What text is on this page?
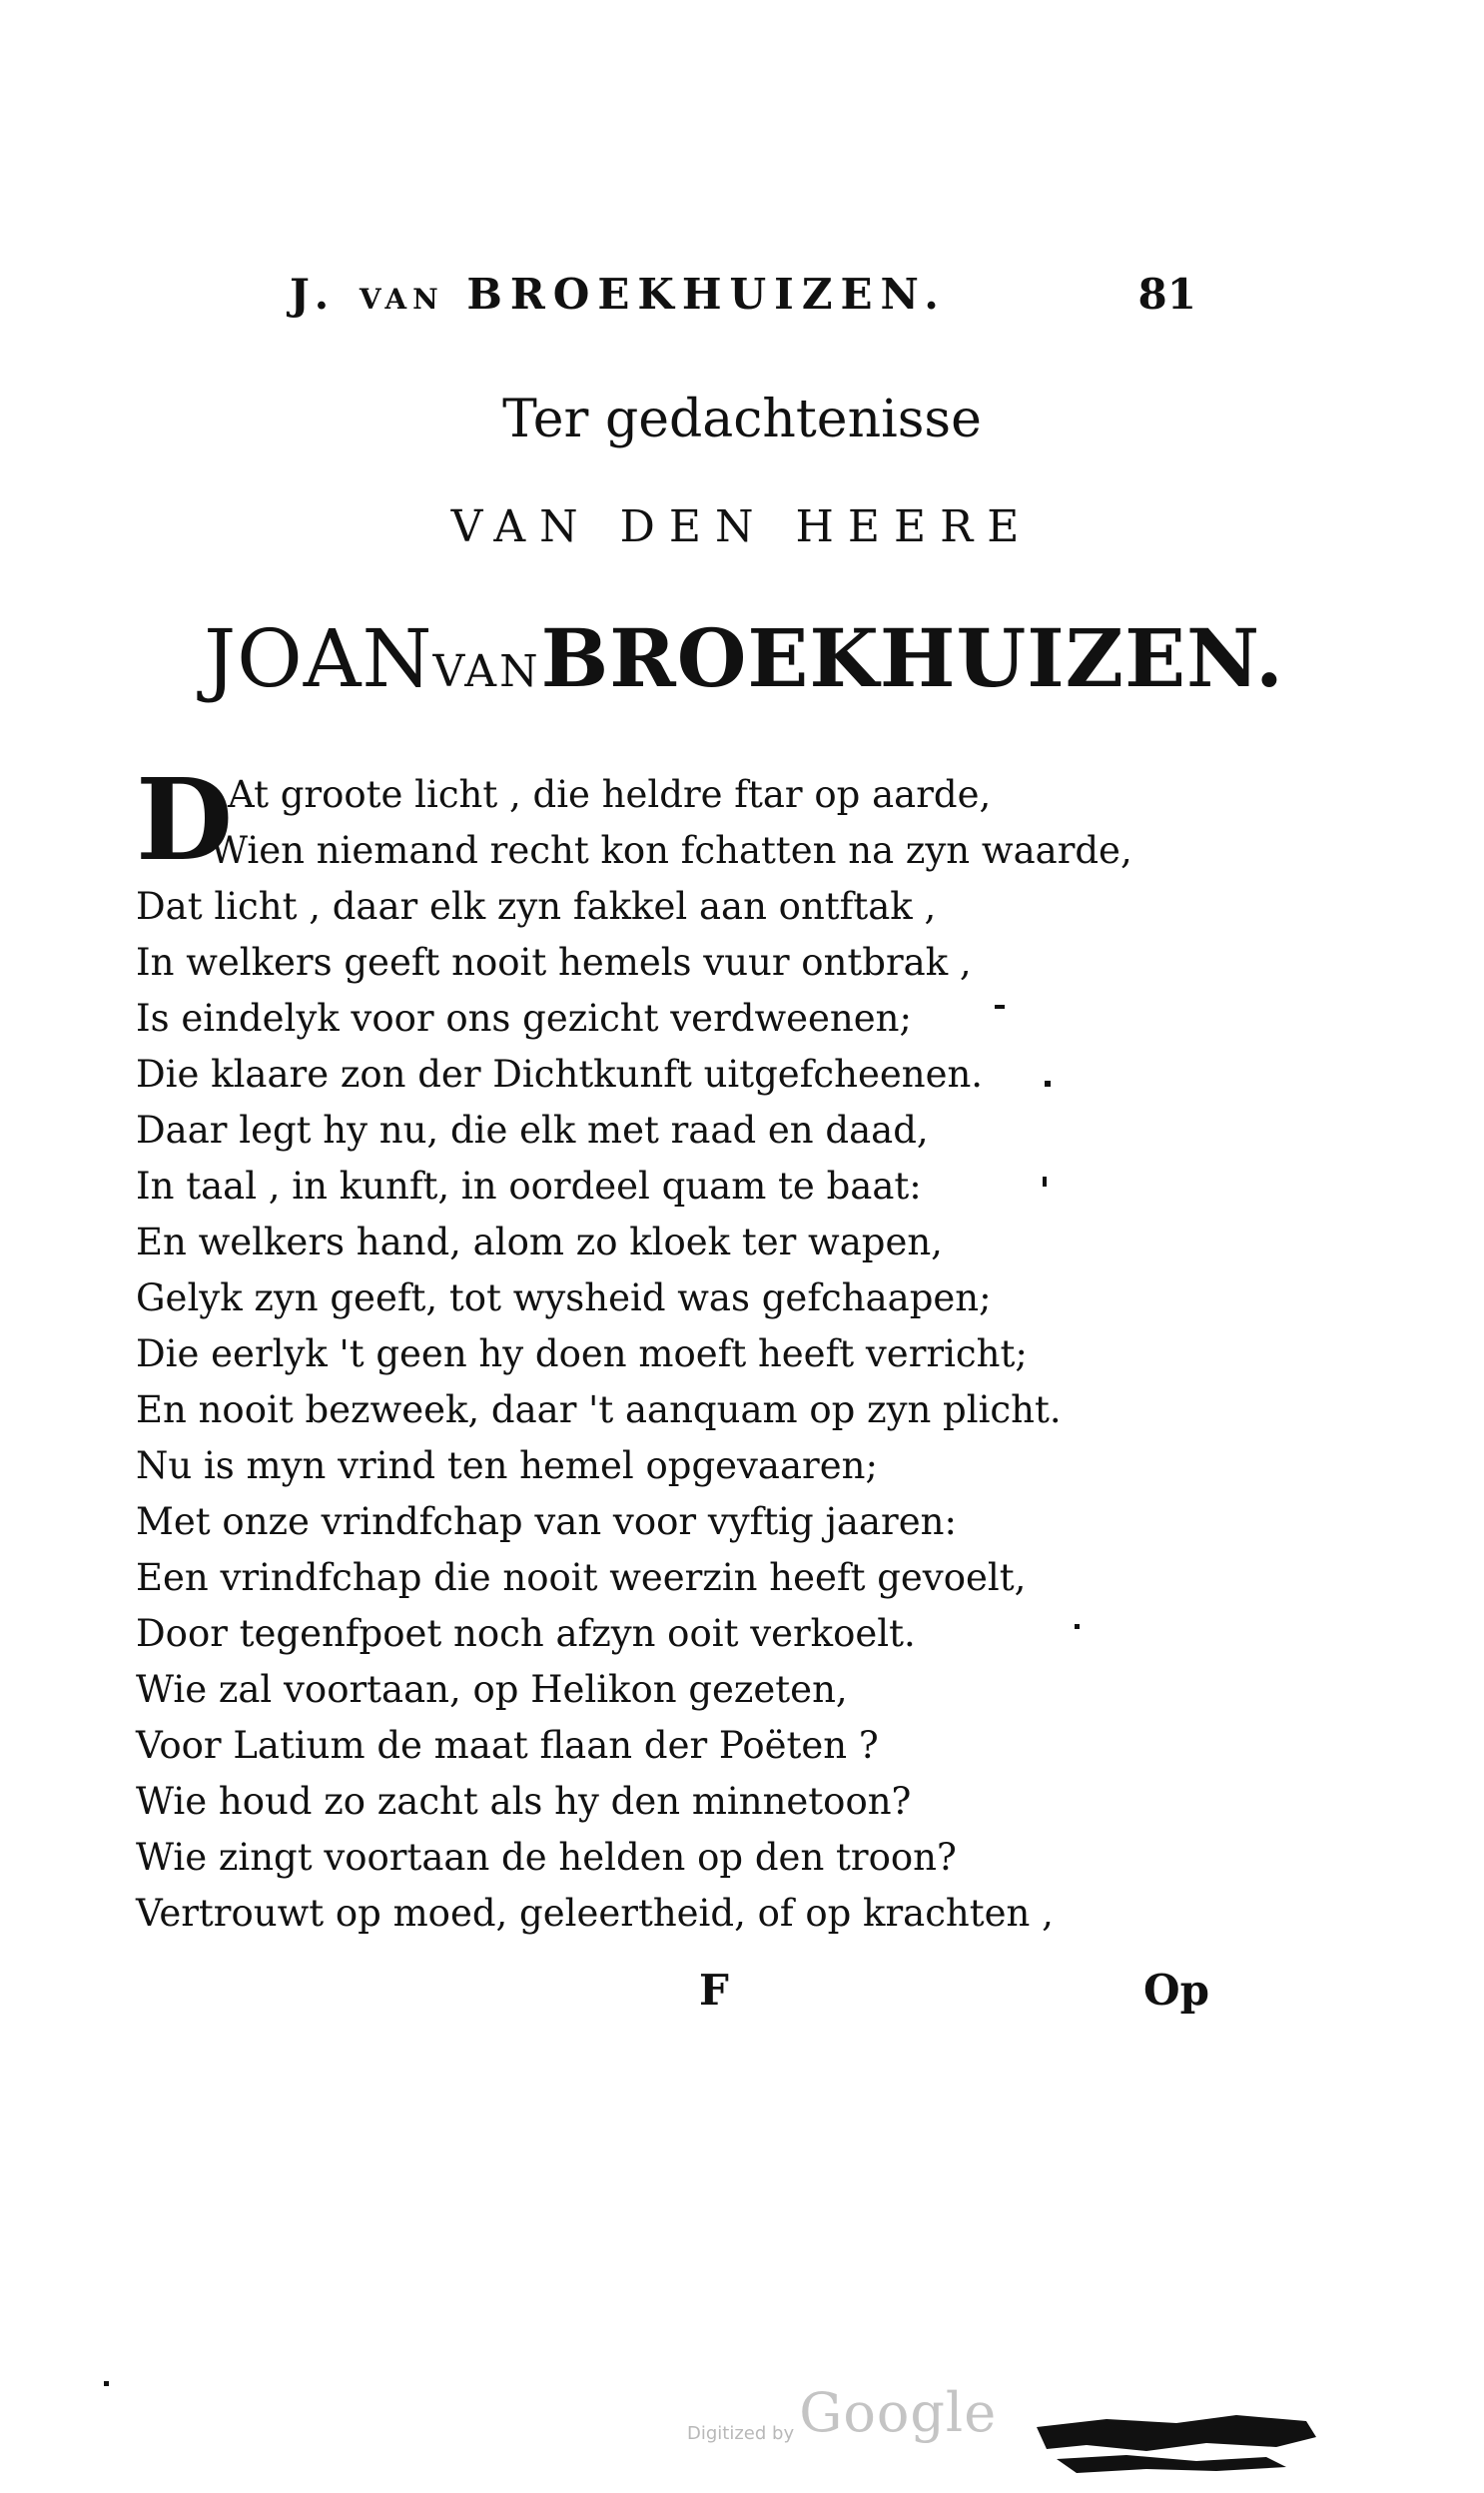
J. VAN BROEKHUIZEN.	81
Ter gedachtenisse
VAN DEN HEERE
JOANVANBROEKHUIZEN.
D
At groote licht , die heldre ftar op aarde,
Wien niemand recht kon fchatten na zyn waarde,
Dat licht , daar elk zyn fakkel aan ontftak ,
In welkers geeft nooit hemels vuur ontbrak ,
Is eindelyk voor ons gezicht verdweenen;
Die klaare zon der Dichtkunft uitgefcheenen.
Daar legt hy nu, die elk met raad en daad,
In taal , in kunft, in oordeel quam te baat:
En welkers hand, alom zo kloek ter wapen,
Gelyk zyn geeft, tot wysheid was gefchaapen;
Die eerlyk 't geen hy doen moeft heeft verricht;
En nooit bezweek, daar 't aanquam op zyn plicht.
Nu is myn vrind ten hemel opgevaaren;
Met onze vrindfchap van voor vyftig jaaren:
Een vrindfchap die nooit weerzin heeft gevoelt,
Door tegenfpoet noch afzyn ooit verkoelt.
Wie zal voortaan, op Helikon gezeten,
Voor Latium de maat flaan der Poëten ?
Wie houd zo zacht als hy den minnetoon?
Wie zingt voortaan de helden op den troon?
Vertrouwt op moed, geleertheid, of op krachten ,
F	Op
Digitized by Google
